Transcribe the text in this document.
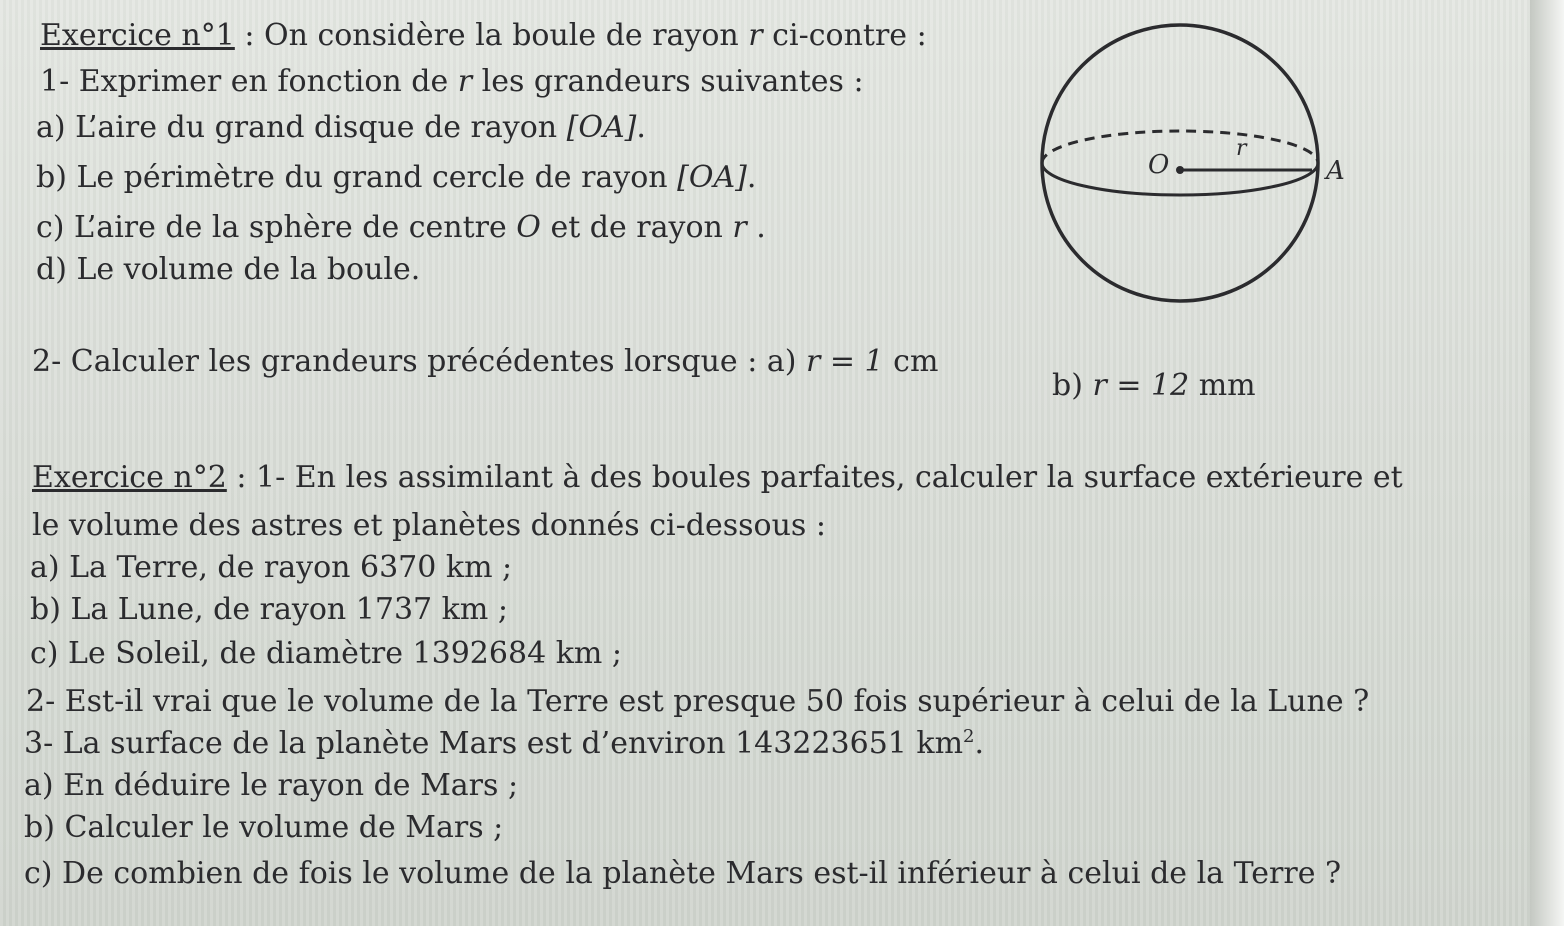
Exercice n°1 : On considère la boule de rayon r ci-contre :
1- Exprimer en fonction de r les grandeurs suivantes :
a) L’aire du grand disque de rayon [OA].
b) Le périmètre du grand cercle de rayon [OA].
c) L’aire de la sphère de centre O et de rayon r .
d) Le volume de la boule.
2- Calculer les grandeurs précédentes lorsque : a) r = 1 cm
b) r = 12 mm
O
r
A
Exercice n°2 : 1- En les assimilant à des boules parfaites, calculer la surface extérieure et
le volume des astres et planètes donnés ci-dessous :
a) La Terre, de rayon 6370 km ;
b) La Lune, de rayon 1737 km ;
c) Le Soleil, de diamètre 1392684 km ;
2- Est-il vrai que le volume de la Terre est presque 50 fois supérieur à celui de la Lune ?
3- La surface de la planète Mars est d’environ 143223651 $km^2$.
a) En déduire le rayon de Mars ;
b) Calculer le volume de Mars ;
c) De combien de fois le volume de la planète Mars est-il inférieur à celui de la Terre ?
